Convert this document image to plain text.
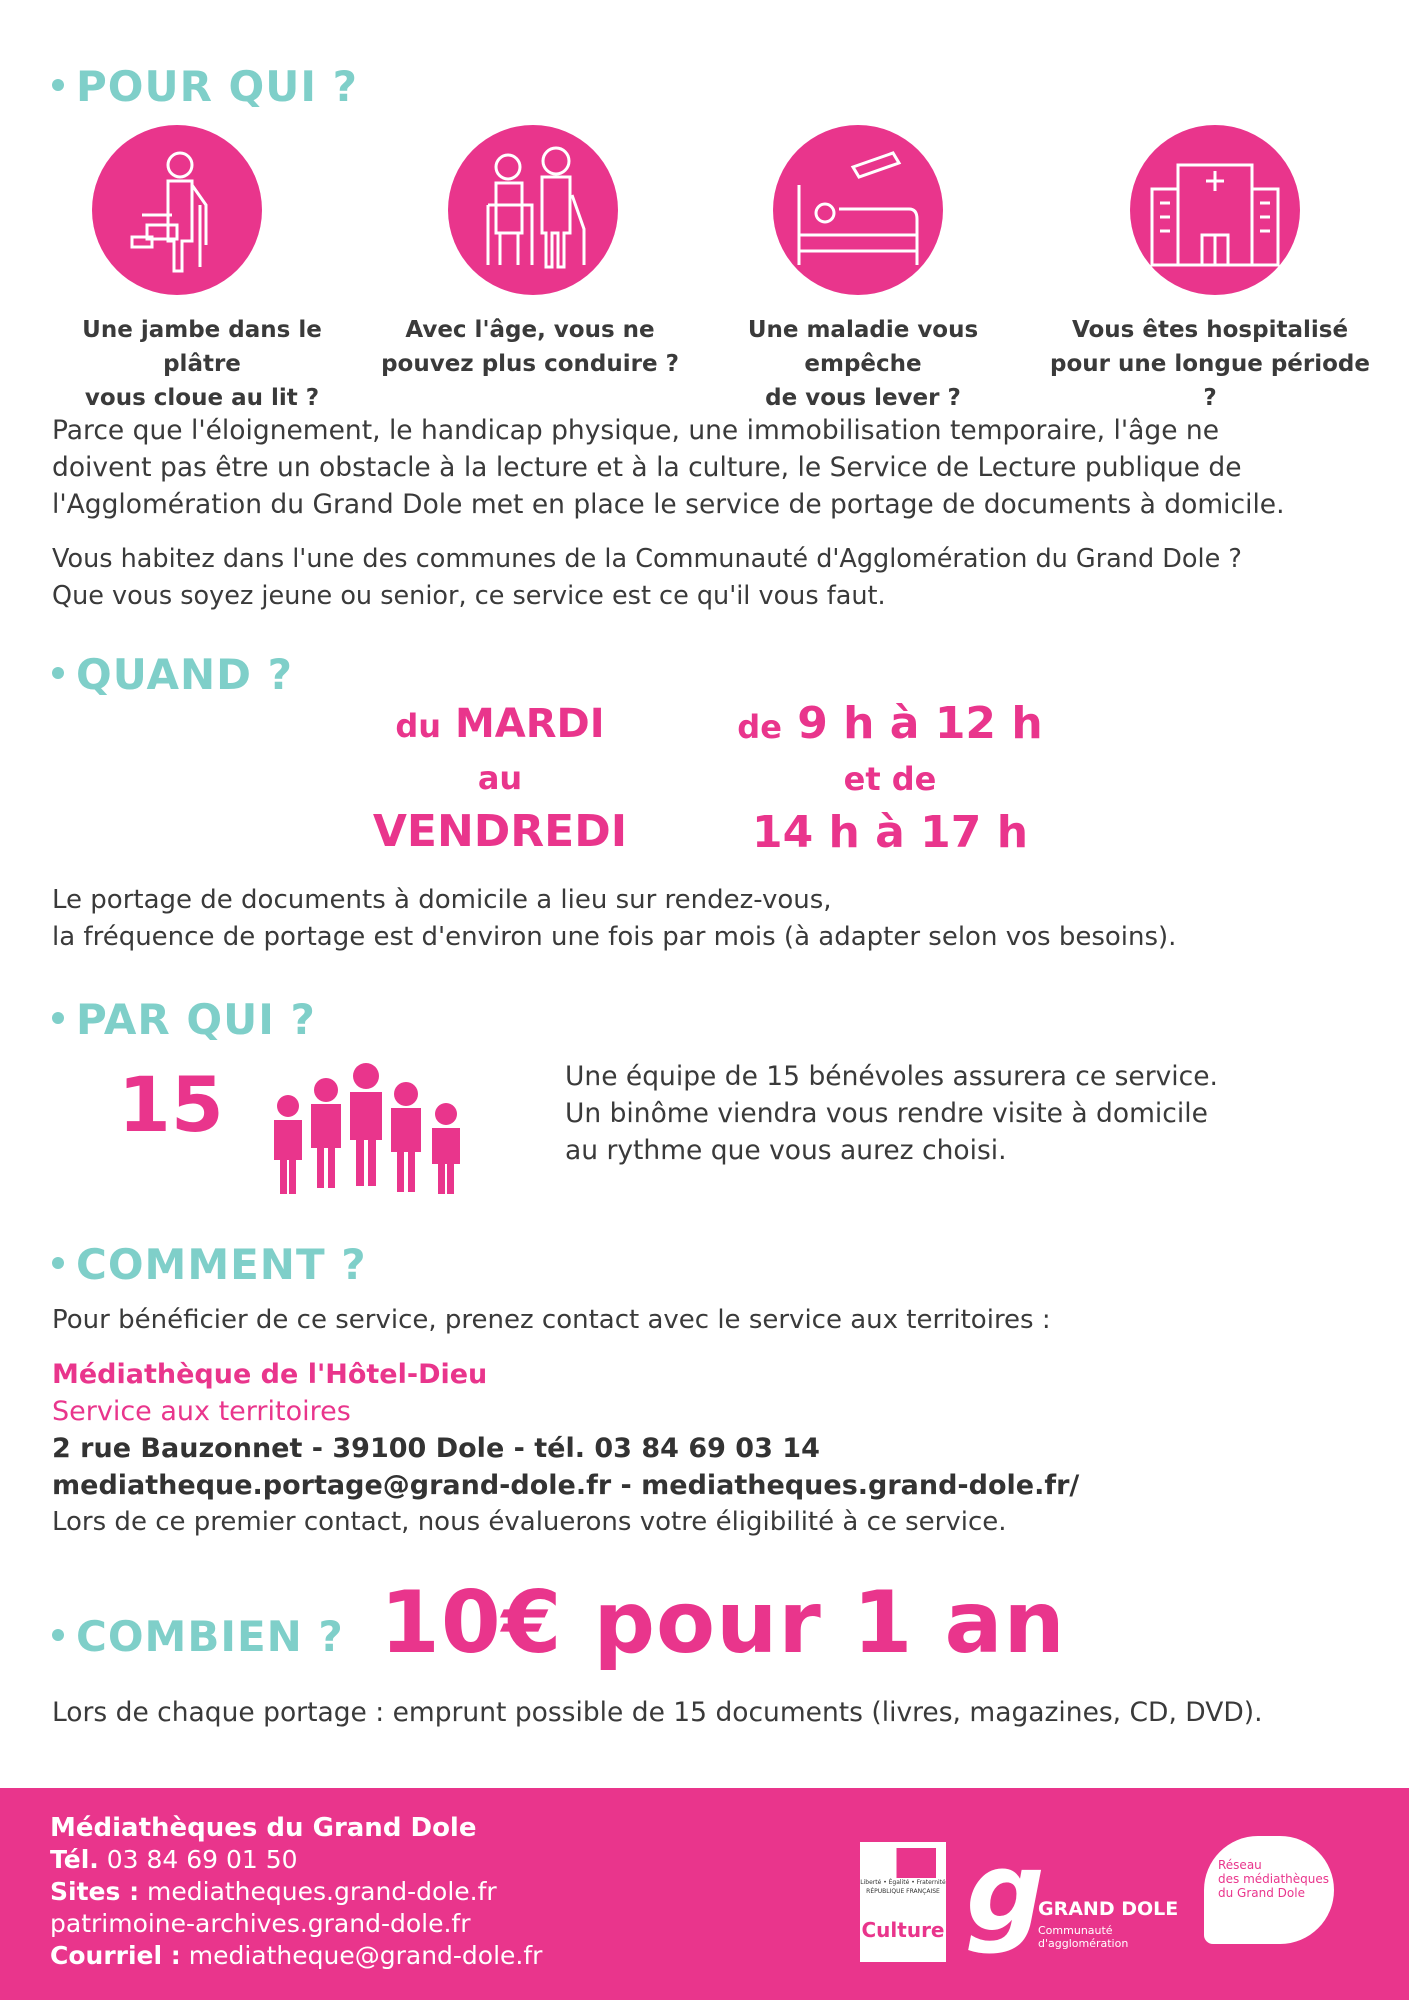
POUR QUI ?
Une jambe dans le plâtre
vous cloue au lit ?
Avec l'âge, vous ne
pouvez plus conduire ?
Une maladie vous empêche
de vous lever ?
Vous êtes hospitalisé
pour une longue période ?
Parce que l'éloignement, le handicap physique, une immobilisation temporaire, l'âge ne
doivent pas être un obstacle à la lecture et à la culture, le Service de Lecture publique de
l'Agglomération du Grand Dole met en place le service de portage de documents à domicile.
Vous habitez dans l'une des communes de la Communauté d'Agglomération du Grand Dole ?
Que vous soyez jeune ou senior, ce service est ce qu'il vous faut.
QUAND ?
du MARDI
au
VENDREDI
de 9 h à 12 h
et de
14 h à 17 h
Le portage de documents à domicile a lieu sur rendez-vous,
la fréquence de portage est d'environ une fois par mois (à adapter selon vos besoins).
PAR QUI ?
15	Une équipe de 15 bénévoles assurera ce service.
Un binôme viendra vous rendre visite à domicile
au rythme que vous aurez choisi.
COMMENT ?
Pour bénéficier de ce service, prenez contact avec le service aux territoires :
Médiathèque de l'Hôtel-Dieu
Service aux territoires
2 rue Bauzonnet - 39100 Dole - tél. 03 84 69 03 14
mediatheque.portage@grand-dole.fr - mediatheques.grand-dole.fr/
Lors de ce premier contact, nous évaluerons votre éligibilité à ce service.
COMBIEN ? 10€ pour 1 an
Lors de chaque portage : emprunt possible de 15 documents (livres, magazines, CD, DVD).
Médiathèques du Grand Dole
Tél. 03 84 69 01 50
Sites : mediatheques.grand-dole.fr
patrimoine-archives.grand-dole.fr
Courriel : mediatheque@grand-dole.fr
Liberté • Égalité • Fraternité
RÉPUBLIQUE FRANÇAISE
Culture g
GRAND DOLE
Communauté d'agglomération
Réseau
des médiathèques
du Grand Dole
